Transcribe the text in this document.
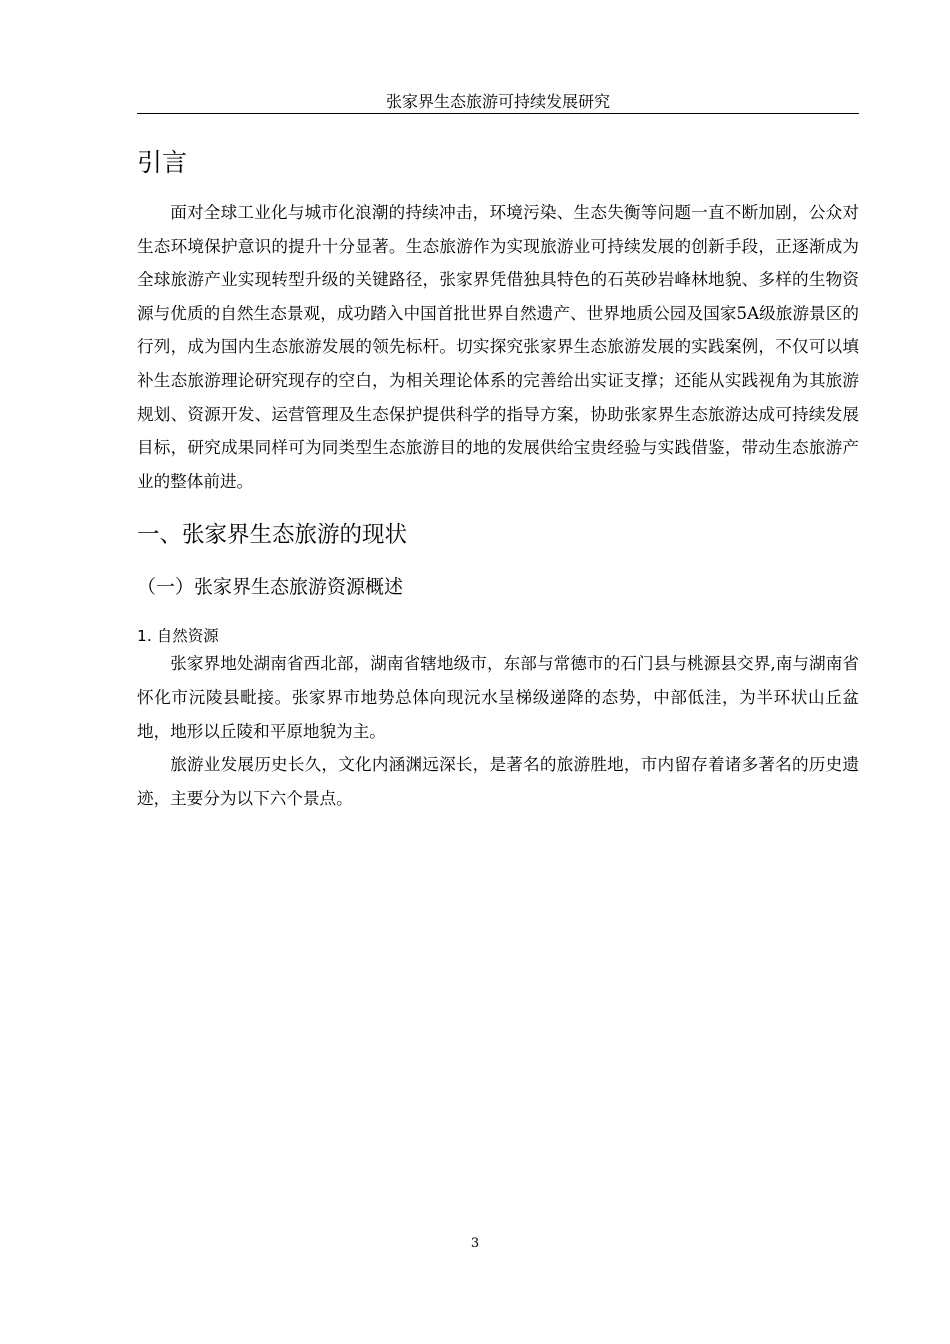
张家界生态旅游可持续发展研究
引言

面对全球工业化与城市化浪潮的持续冲击，环境污染、生态失衡等问题一直不断加剧，公众对生态环境保护意识的提升十分显著。生态旅游作为实现旅游业可持续发展的创新手段，正逐渐成为全球旅游产业实现转型升级的关键路径，张家界凭借独具特色的石英砂岩峰林地貌、多样的生物资源与优质的自然生态景观，成功踏入中国首批世界自然遗产、世界地质公园及国家5A级旅游景区的行列，成为国内生态旅游发展的领先标杆。切实探究张家界生态旅游发展的实践案例，不仅可以填补生态旅游理论研究现存的空白，为相关理论体系的完善给出实证支撑；还能从实践视角为其旅游规划、资源开发、运营管理及生态保护提供科学的指导方案，协助张家界生态旅游达成可持续发展目标，研究成果同样可为同类型生态旅游目的地的发展供给宝贵经验与实践借鉴，带动生态旅游产业的整体前进。

一、张家界生态旅游的现状
（一）张家界生态旅游资源概述
1. 自然资源

张家界地处湖南省西北部，湖南省辖地级市，东部与常德市的石门县与桃源县交界,南与湖南省怀化市沅陵县毗接。张家界市地势总体向现沅水呈梯级递降的态势，中部低洼，为半环状山丘盆地，地形以丘陵和平原地貌为主。

旅游业发展历史长久，文化内涵渊远深长，是著名的旅游胜地，市内留存着诸多著名的历史遗迹，主要分为以下六个景点。

3
